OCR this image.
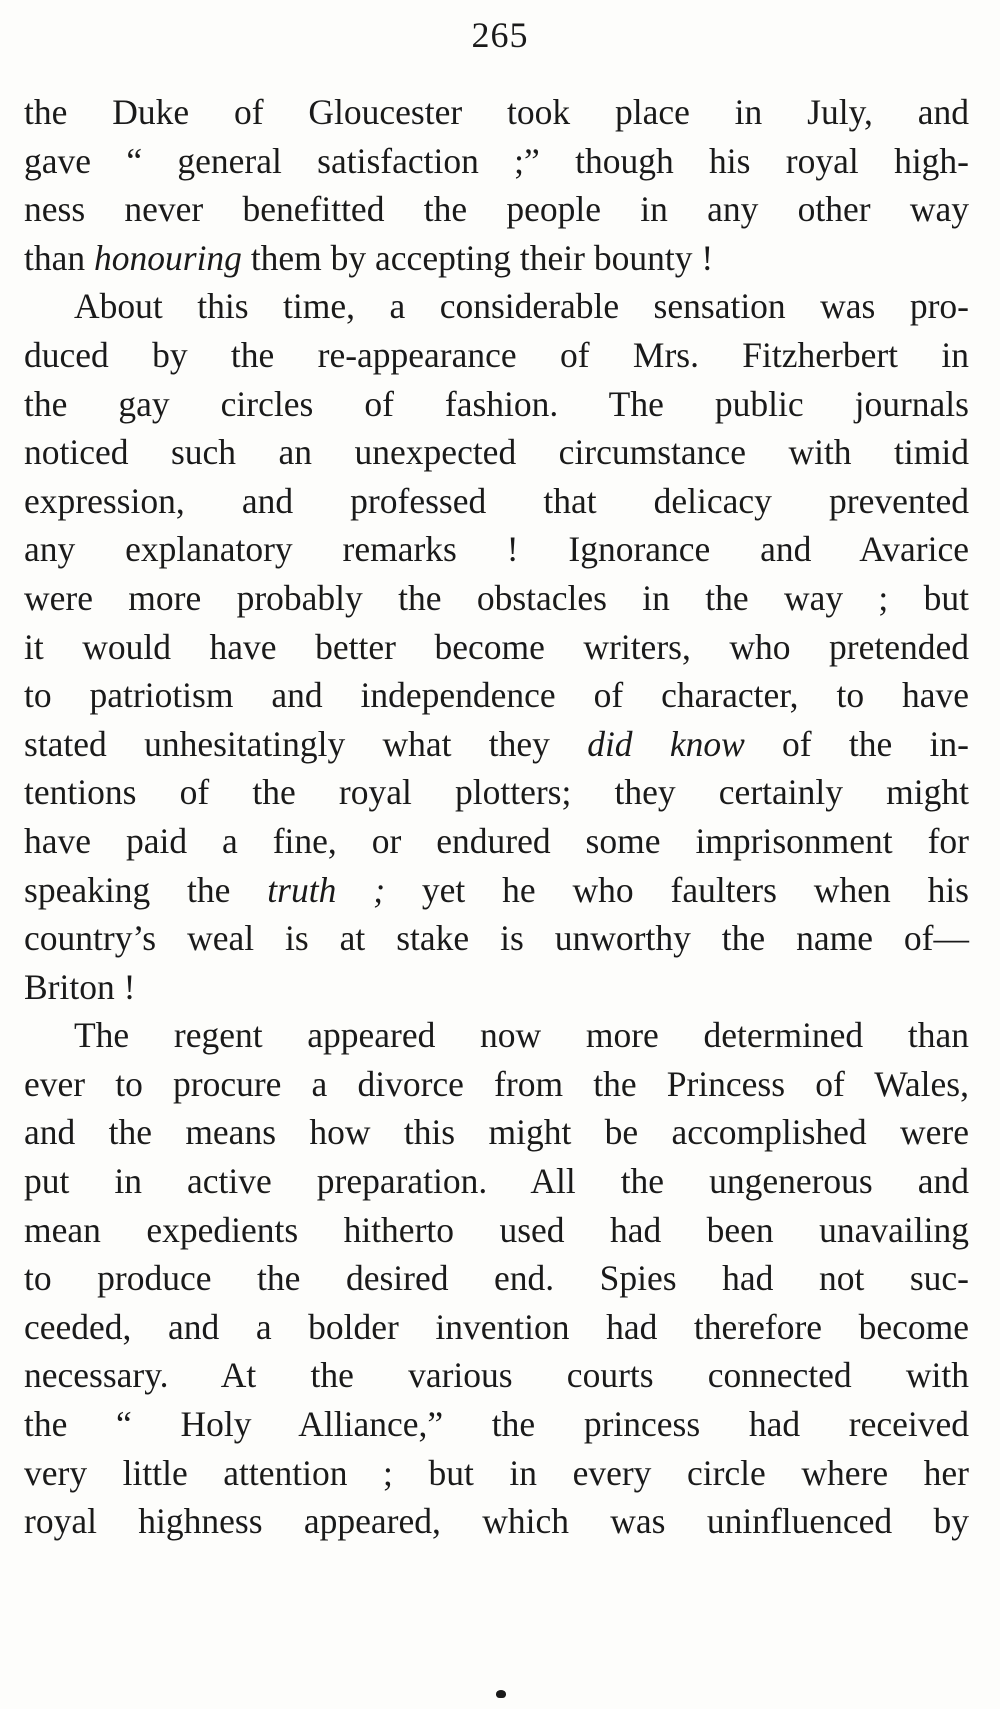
265
the Duke of Gloucester took place in July, and
gave “ general satisfaction ;” though his royal high-
ness never benefitted the people in any other way
than honouring them by accepting their bounty !
About this time, a considerable sensation was pro-
duced by the re-appearance of Mrs. Fitzherbert in
the gay circles of fashion. The public journals
noticed such an unexpected circumstance with timid
expression, and professed that delicacy prevented
any explanatory remarks ! Ignorance and Avarice
were more probably the obstacles in the way ; but
it would have better become writers, who pretended
to patriotism and independence of character, to have
stated unhesitatingly what they did know of the in-
tentions of the royal plotters; they certainly might
have paid a fine, or endured some imprisonment for
speaking the truth ; yet he who faulters when his
country’s weal is at stake is unworthy the name of—
Briton !
The regent appeared now more determined than
ever to procure a divorce from the Princess of Wales,
and the means how this might be accomplished were
put in active preparation. All the ungenerous and
mean expedients hitherto used had been unavailing
to produce the desired end. Spies had not suc-
ceeded, and a bolder invention had therefore become
necessary. At the various courts connected with
the “ Holy Alliance,” the princess had received
very little attention ; but in every circle where her
royal highness appeared, which was uninfluenced by
